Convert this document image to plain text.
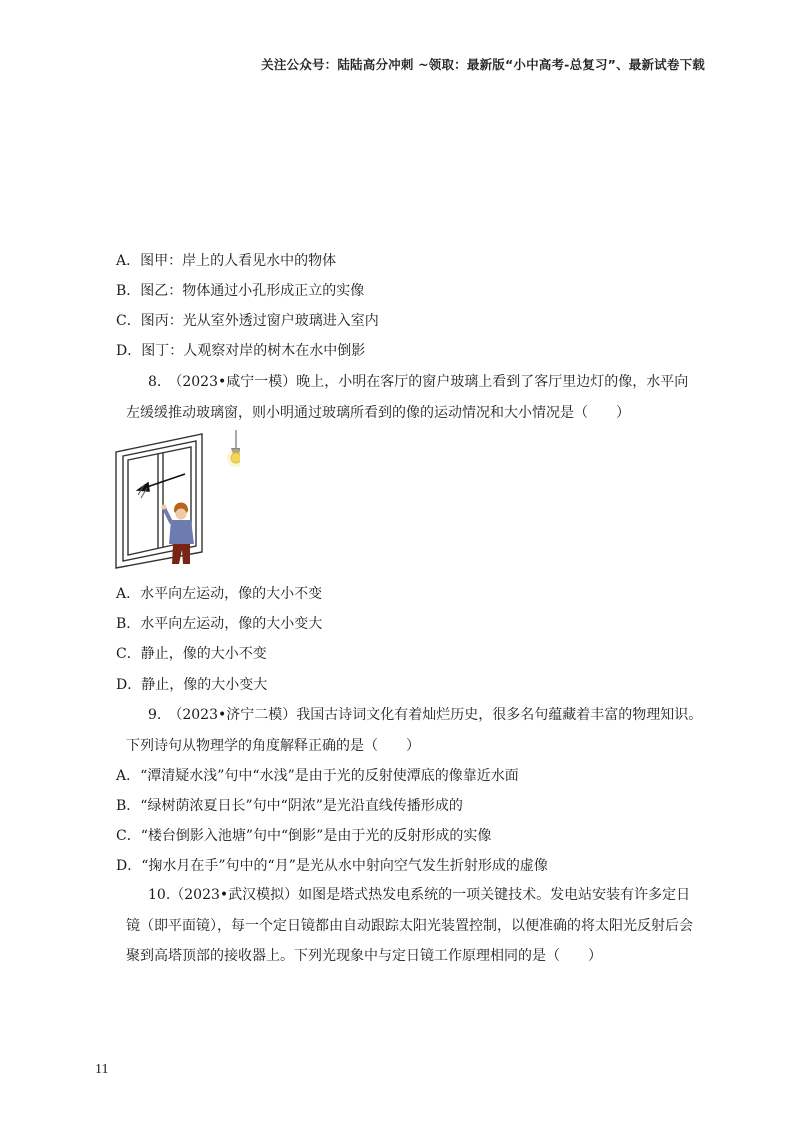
关注公众号：陆陆高分冲刺 ~领取：最新版“小中高考-总复习”、最新试卷下载
A．图甲：岸上的人看见水中的物体
B．图乙：物体通过小孔形成正立的实像
C．图丙：光从室外透过窗户玻璃进入室内
D．图丁：人观察对岸的树木在水中倒影
8.　（2023•咸宁一模）晚上，小明在客厅的窗户玻璃上看到了客厅里边灯的像，水平向
左缓缓推动玻璃窗，则小明通过玻璃所看到的像的运动情况和大小情况是（　　）
A．水平向左运动，像的大小不变
B．水平向左运动，像的大小变大
C．静止，像的大小不变
D．静止，像的大小变大
9.　（2023•济宁二模）我国古诗词文化有着灿烂历史，很多名句蕴藏着丰富的物理知识。
下列诗句从物理学的角度解释正确的是（　　）
A．“潭清疑水浅”句中“水浅”是由于光的反射使潭底的像靠近水面
B．“绿树荫浓夏日长”句中“阴浓”是光沿直线传播形成的
C．“楼台倒影入池塘”句中“倒影”是由于光的反射形成的实像
D．“掬水月在手”句中的“月”是光从水中射向空气发生折射形成的虚像
10.（2023•武汉模拟）如图是塔式热发电系统的一项关键技术。发电站安装有许多定日
镜（即平面镜），每一个定日镜都由自动跟踪太阳光装置控制，以便准确的将太阳光反射后会
聚到高塔顶部的接收器上。下列光现象中与定日镜工作原理相同的是（　　）
11
